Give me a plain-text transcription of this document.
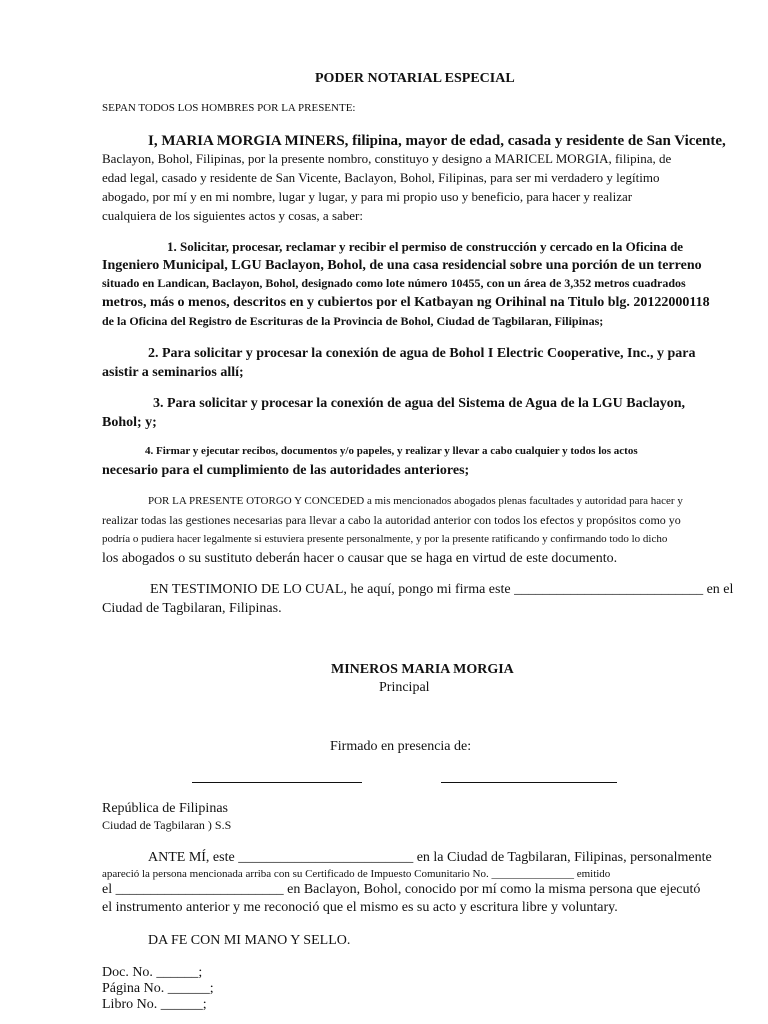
PODER NOTARIAL ESPECIAL
SEPAN TODOS LOS HOMBRES POR LA PRESENTE:
I, MARIA MORGIA MINERS, filipina, mayor de edad, casada y residente de San Vicente,
Baclayon, Bohol, Filipinas, por la presente nombro, constituyo y designo a MARICEL MORGIA, filipina, de
edad legal, casado y residente de San Vicente, Baclayon, Bohol, Filipinas, para ser mi verdadero y legítimo
abogado, por mí y en mi nombre, lugar y lugar, y para mi propio uso y beneficio, para hacer y realizar
cualquiera de los siguientes actos y cosas, a saber:
1. Solicitar, procesar, reclamar y recibir el permiso de construcción y cercado en la Oficina de
Ingeniero Municipal, LGU Baclayon, Bohol, de una casa residencial sobre una porción de un terreno
situado en Landican, Baclayon, Bohol, designado como lote número 10455, con un área de 3,352 metros cuadrados
metros, más o menos, descritos en y cubiertos por el Katbayan ng Orihinal na Titulo blg. 20122000118
de la Oficina del Registro de Escrituras de la Provincia de Bohol, Ciudad de Tagbilaran, Filipinas;
2. Para solicitar y procesar la conexión de agua de Bohol I Electric Cooperative, Inc., y para
asistir a seminarios allí;
3. Para solicitar y procesar la conexión de agua del Sistema de Agua de la LGU Baclayon,
Bohol; y;
4. Firmar y ejecutar recibos, documentos y/o papeles, y realizar y llevar a cabo cualquier y todos los actos
necesario para el cumplimiento de las autoridades anteriores;
POR LA PRESENTE OTORGO Y CONCEDED a mis mencionados abogados plenas facultades y autoridad para hacer y
realizar todas las gestiones necesarias para llevar a cabo la autoridad anterior con todos los efectos y propósitos como yo
podría o pudiera hacer legalmente si estuviera presente personalmente, y por la presente ratificando y confirmando todo lo dicho
los abogados o su sustituto deberán hacer o causar que se haga en virtud de este documento.
EN TESTIMONIO DE LO CUAL, he aquí, pongo mi firma este ___________________________ en el
Ciudad de Tagbilaran, Filipinas.
MINEROS MARIA MORGIA
Principal
Firmado en presencia de:
República de Filipinas
Ciudad de Tagbilaran ) S.S
ANTE MÍ, este _________________________ en la Ciudad de Tagbilaran, Filipinas, personalmente
apareció la persona mencionada arriba con su Certificado de Impuesto Comunitario No. _______________ emitido
el ________________________ en Baclayon, Bohol, conocido por mí como la misma persona que ejecutó
el instrumento anterior y me reconoció que el mismo es su acto y escritura libre y voluntary.
DA FE CON MI MANO Y SELLO.
Doc. No. ______;
Página No. ______;
Libro No. ______;
